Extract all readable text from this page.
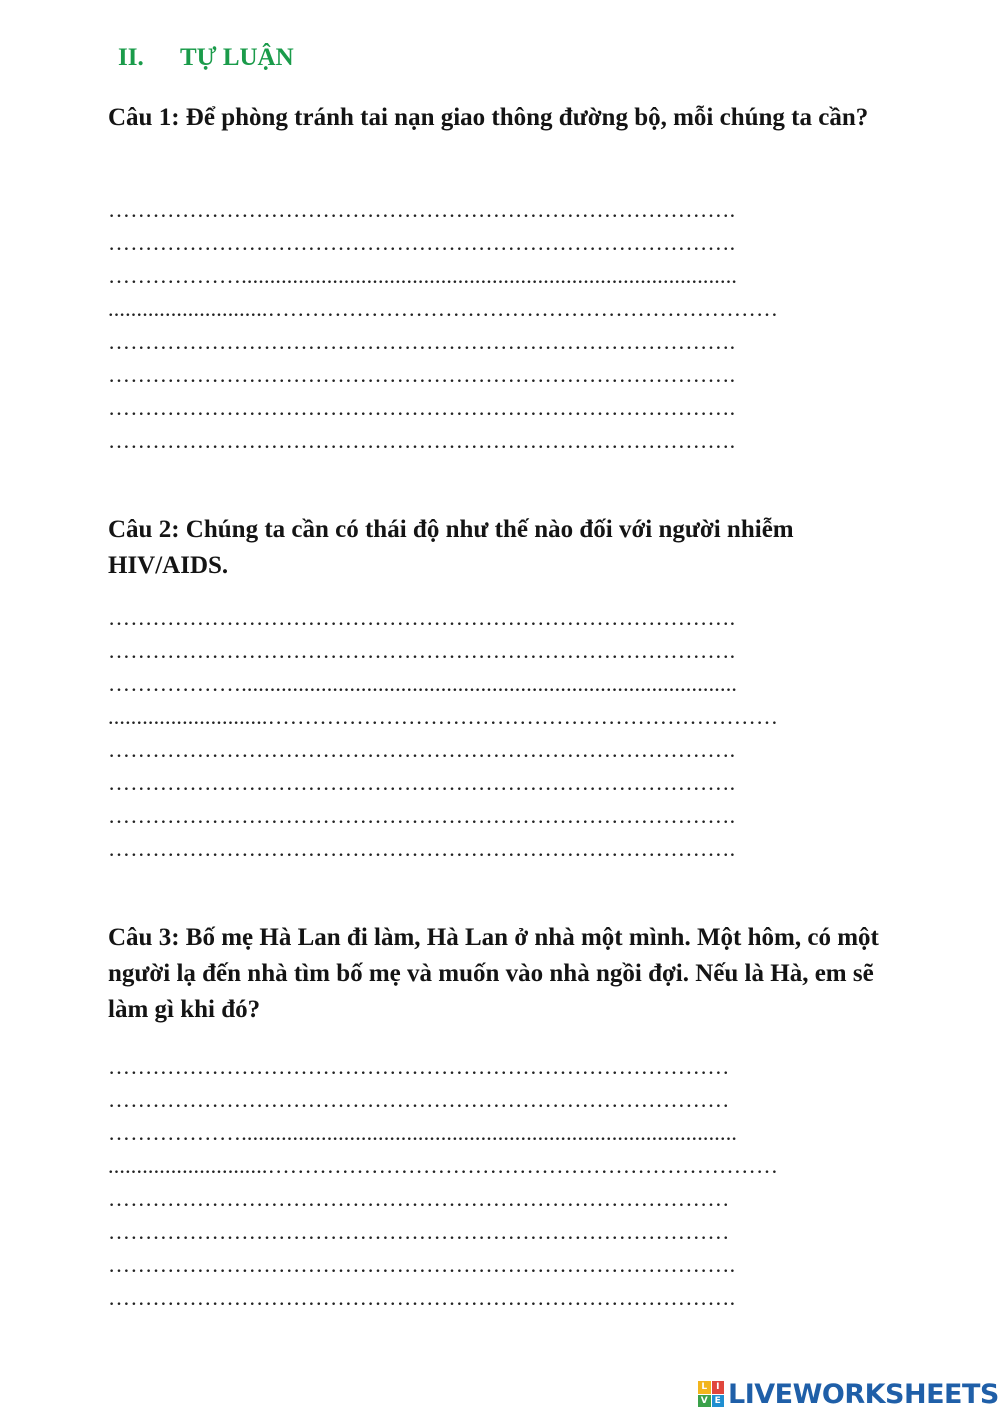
II. TỰ LUẬN
Câu 1: Để phòng tránh tai nạn giao thông đường bộ, mỗi chúng ta cần?
………………………………………………………………………….
………………………………………………………………………….
……………….......................................................................................
............................……………………………………………………………
………………………………………………………………………….
………………………………………………………………………….
………………………………………………………………………….
………………………………………………………………………….
Câu 2: Chúng ta cần có thái độ như thế nào đối với người nhiễm HIV/AIDS.
………………………………………………………………………….
………………………………………………………………………….
……………….......................................................................................
............................……………………………………………………………
………………………………………………………………………….
………………………………………………………………………….
………………………………………………………………………….
………………………………………………………………………….
Câu 3: Bố mẹ Hà Lan đi làm, Hà Lan ở nhà một mình. Một hôm, có một người lạ đến nhà tìm bố mẹ và muốn vào nhà ngồi đợi. Nếu là Hà, em sẽ làm gì khi đó?
…………………………………………………………………………
…………………………………………………………………………
……………….......................................................................................
............................……………………………………………………………
…………………………………………………………………………
…………………………………………………………………………
………………………………………………………………………….
………………………………………………………………………….
L I
V E LIVEWORKSHEETS
